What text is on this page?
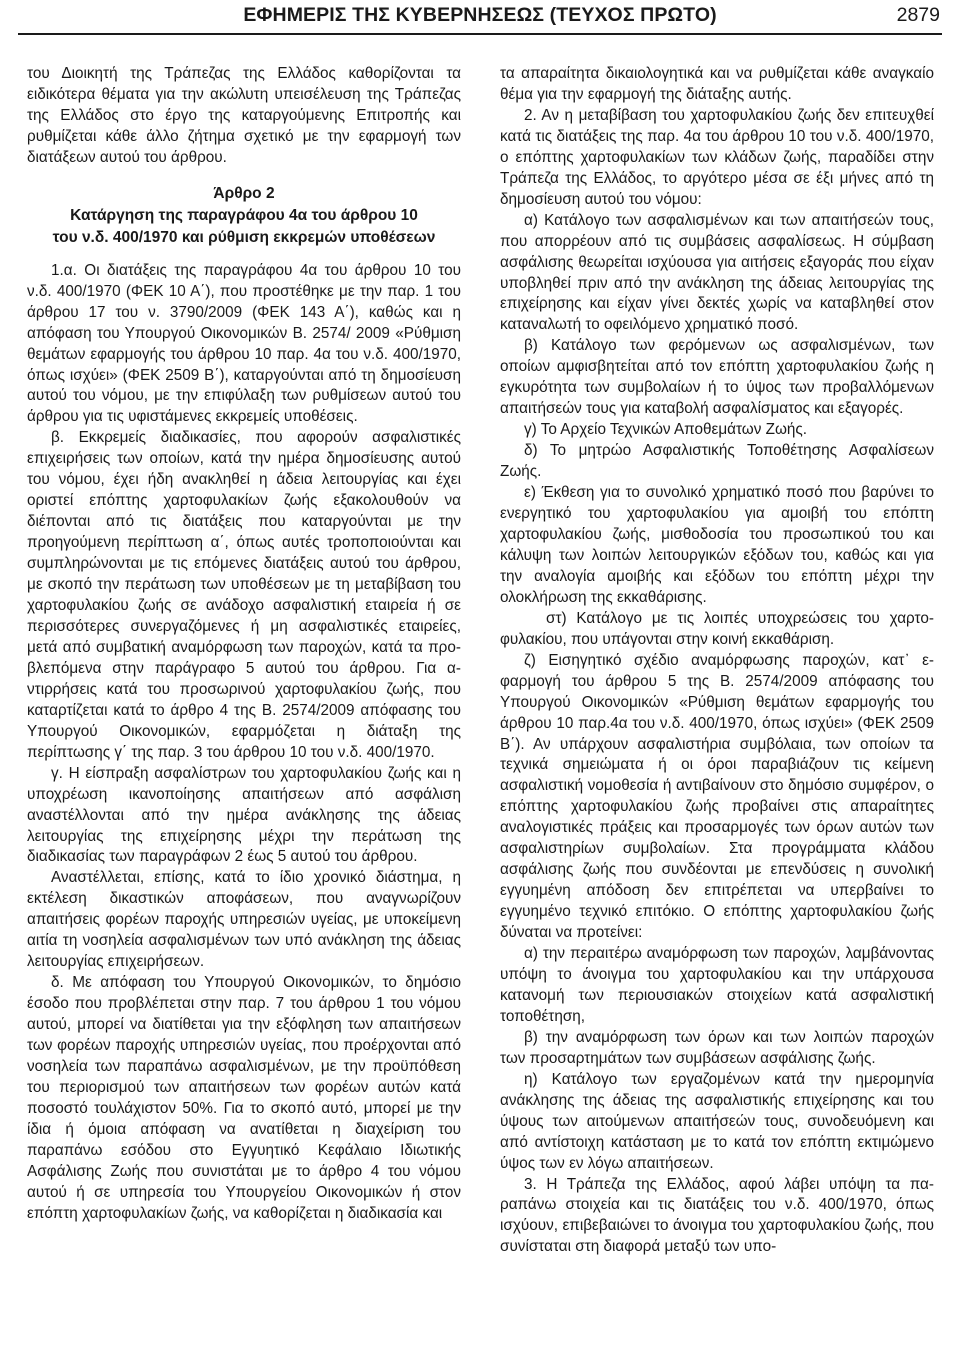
ΕΦΗΜΕΡΙΣ ΤΗΣ ΚΥΒΕΡΝΗΣΕΩΣ (ΤΕΥΧΟΣ ΠΡΩΤΟ)	2879

του Διοικητή της Τράπεζας της Ελλάδος καθορίζονται τα ειδικότερα θέματα για την ακώλυτη υπεισέλευση της Τράπεζας της Ελλάδος στο έργο της καταργούμενης Επιτροπής και ρυθμίζεται κάθε άλλο ζήτημα σχετικό με την εφαρμογή των διατάξεων αυτού του άρθρου.

Άρθρο 2
Κατάργηση της παραγράφου 4α του άρθρου 10
του ν.δ. 400/1970 και ρύθμιση εκκρεμών υποθέσεων

1.α. Οι διατάξεις της παραγράφου 4α του άρθρου 10 του ν.δ. 400/1970 (ΦΕΚ 10 Α΄), που προστέθηκε με την παρ. 1 του άρθρου 17 του ν. 3790/2009 (ΦΕΚ 143 Α΄), καθώς και η απόφαση του Υπουργού Οικονομικών Β. 2574/ 2009 «Ρύθμιση θεμάτων εφαρμογής του άρθρου 10 παρ. 4α του ν.δ. 400/1970, όπως ισχύει» (ΦΕΚ 2509 Β΄), καταργούνται από τη δημοσίευση αυτού του νόμου, με την επιφύλαξη των ρυθμίσεων αυτού του άρθρου για τις υφιστάμενες εκκρεμείς υποθέσεις.

β. Εκκρεμείς διαδικασίες, που αφορούν ασφαλιστικές επιχειρήσεις των οποίων, κατά την ημέρα δημοσίευσης αυτού του νόμου, έχει ήδη ανακληθεί η άδεια λειτουργίας και έχει οριστεί επόπτης χαρτοφυλακίων ζωής εξακολουθούν να διέπονται από τις διατάξεις που καταργούνται με την προηγούμενη περίπτωση α΄, όπως αυτές τροποποιούνται και συμπληρώνονται με τις επόμενες διατάξεις αυτού του άρθρου, με σκοπό την περάτωση των υποθέσεων με τη μεταβίβαση του χαρτοφυλακίου ζωής σε ανάδοχο ασφαλιστική εταιρεία ή σε περισσότερες συνεργαζόμενες ή μη ασφαλιστικές εταιρείες, μετά από συμβατική αναμόρφωση των παροχών, κατά τα προβλεπόμενα στην παράγραφο 5 αυτού του άρθρου. Για αντιρρήσεις κατά του προσωρινού χαρτοφυλακίου ζωής, που καταρτίζεται κατά το άρθρο 4 της Β. 2574/2009 απόφασης του Υπουργού Οικονομικών, εφαρμόζεται η διάταξη της περίπτωσης γ΄ της παρ. 3 του άρθρου 10 του ν.δ. 400/1970.

γ. Η είσπραξη ασφαλίστρων του χαρτοφυλακίου ζωής και η υποχρέωση ικανοποίησης απαιτήσεων από ασφάλιση αναστέλλονται από την ημέρα ανάκλησης της άδειας λειτουργίας της επιχείρησης μέχρι την περάτωση της διαδικασίας των παραγράφων 2 έως 5 αυτού του άρθρου.

Αναστέλλεται, επίσης, κατά το ίδιο χρονικό διάστημα, η εκτέλεση δικαστικών αποφάσεων, που αναγνωρίζουν απαιτήσεις φορέων παροχής υπηρεσιών υγείας, με υποκείμενη αιτία τη νοσηλεία ασφαλισμένων των υπό ανάκληση της άδειας λειτουργίας επιχειρήσεων.

δ. Με απόφαση του Υπουργού Οικονομικών, το δημόσιο έσοδο που προβλέπεται στην παρ. 7 του άρθρου 1 του νόμου αυτού, μπορεί να διατίθεται για την εξόφληση των απαιτήσεων των φορέων παροχής υπηρεσιών υγείας, που προέρχονται από νοσηλεία των παραπάνω ασφαλισμένων, με την προϋπόθεση του περιορισμού των απαιτήσεων των φορέων αυτών κατά ποσοστό τουλάχιστον 50%. Για το σκοπό αυτό, μπορεί με την ίδια ή όμοια απόφαση να ανατίθεται η διαχείριση του παραπάνω εσόδου στο Εγγυητικό Κεφάλαιο Ιδιωτικής Ασφάλισης Ζωής που συνιστάται με το άρθρο 4 του νόμου αυτού ή σε υπηρεσία του Υπουργείου Οικονομικών ή στον επόπτη χαρτοφυλακίων ζωής, να καθορίζεται η διαδικασία και

τα απαραίτητα δικαιολογητικά και να ρυθμίζεται κάθε αναγκαίο θέμα για την εφαρμογή της διάταξης αυτής.

2. Αν η μεταβίβαση του χαρτοφυλακίου ζωής δεν επιτευχθεί κατά τις διατάξεις της παρ. 4α του άρθρου 10 του ν.δ. 400/1970, ο επόπτης χαρτοφυλακίων των κλάδων ζωής, παραδίδει στην Τράπεζα της Ελλάδος, το αργότερο μέσα σε έξι μήνες από τη δημοσίευση αυτού του νόμου:

α) Κατάλογο των ασφαλισμένων και των απαιτήσεών τους, που απορρέουν από τις συμβάσεις ασφαλίσεως. Η σύμβαση ασφάλισης θεωρείται ισχύουσα για αιτήσεις εξαγοράς που είχαν υποβληθεί πριν από την ανάκληση της άδειας λειτουργίας της επιχείρησης και είχαν γίνει δεκτές χωρίς να καταβληθεί στον καταναλωτή το οφειλόμενο χρηματικό ποσό.

β) Κατάλογο των φερόμενων ως ασφαλισμένων, των οποίων αμφισβητείται από τον επόπτη χαρτοφυλακίου ζωής η εγκυρότητα των συμβολαίων ή το ύψος των προβαλλόμενων απαιτήσεών τους για καταβολή ασφαλίσματος και εξαγορές.

γ) Το Αρχείο Τεχνικών Αποθεμάτων Ζωής.

δ) Το μητρώο Ασφαλιστικής Τοποθέτησης Ασφαλίσεων Ζωής.

ε) Έκθεση για το συνολικό χρηματικό ποσό που βαρύνει το ενεργητικό του χαρτοφυλακίου για αμοιβή του επόπτη χαρτοφυλακίου ζωής, μισθοδοσία του προσωπικού του και κάλυψη των λοιπών λειτουργικών εξόδων του, καθώς και για την αναλογία αμοιβής και εξόδων του επόπτη μέχρι την ολοκλήρωση της εκκαθάρισης.

στ) Κατάλογο με τις λοιπές υποχρεώσεις του χαρτοφυλακίου, που υπάγονται στην κοινή εκκαθάριση.

ζ) Εισηγητικό σχέδιο αναμόρφωσης παροχών, κατ᾽ εφαρμογή του άρθρου 5 της Β. 2574/2009 απόφασης του Υπουργού Οικονομικών «Ρύθμιση θεμάτων εφαρμογής του άρθρου 10 παρ.4α του ν.δ. 400/1970, όπως ισχύει» (ΦΕΚ 2509 Β΄). Αν υπάρχουν ασφαλιστήρια συμβόλαια, των οποίων τα τεχνικά σημειώματα ή οι όροι παραβιάζουν τις κείμενη ασφαλιστική νομοθεσία ή αντιβαίνουν στο δημόσιο συμφέρον, ο επόπτης χαρτοφυλακίου ζωής προβαίνει στις απαραίτητες αναλογιστικές πράξεις και προσαρμογές των όρων αυτών των ασφαλιστηρίων συμβολαίων. Στα προγράμματα κλάδου ασφάλισης ζωής που συνδέονται με επενδύσεις η συνολική εγγυημένη απόδοση δεν επιτρέπεται να υπερβαίνει το εγγυημένο τεχνικό επιτόκιο. Ο επόπτης χαρτοφυλακίου ζωής δύναται να προτείνει:

α) την περαιτέρω αναμόρφωση των παροχών, λαμβάνοντας υπόψη το άνοιγμα του χαρτοφυλακίου και την υπάρχουσα κατανομή των περιουσιακών στοιχείων κατά ασφαλιστική τοποθέτηση,

β) την αναμόρφωση των όρων και των λοιπών παροχών των προσαρτημάτων των συμβάσεων ασφάλισης ζωής.

η) Κατάλογο των εργαζομένων κατά την ημερομηνία ανάκλησης της άδειας της ασφαλιστικής επιχείρησης και του ύψους των αιτούμενων απαιτήσεών τους, συνοδευόμενη και από αντίστοιχη κατάσταση με το κατά τον επόπτη εκτιμώμενο ύψος των εν λόγω απαιτήσεων.

3. Η Τράπεζα της Ελλάδος, αφού λάβει υπόψη τα παραπάνω στοιχεία και τις διατάξεις του ν.δ. 400/1970, όπως ισχύουν, επιβεβαιώνει το άνοιγμα του χαρτοφυλακίου ζωής, που συνίσταται στη διαφορά μεταξύ των υπο-
